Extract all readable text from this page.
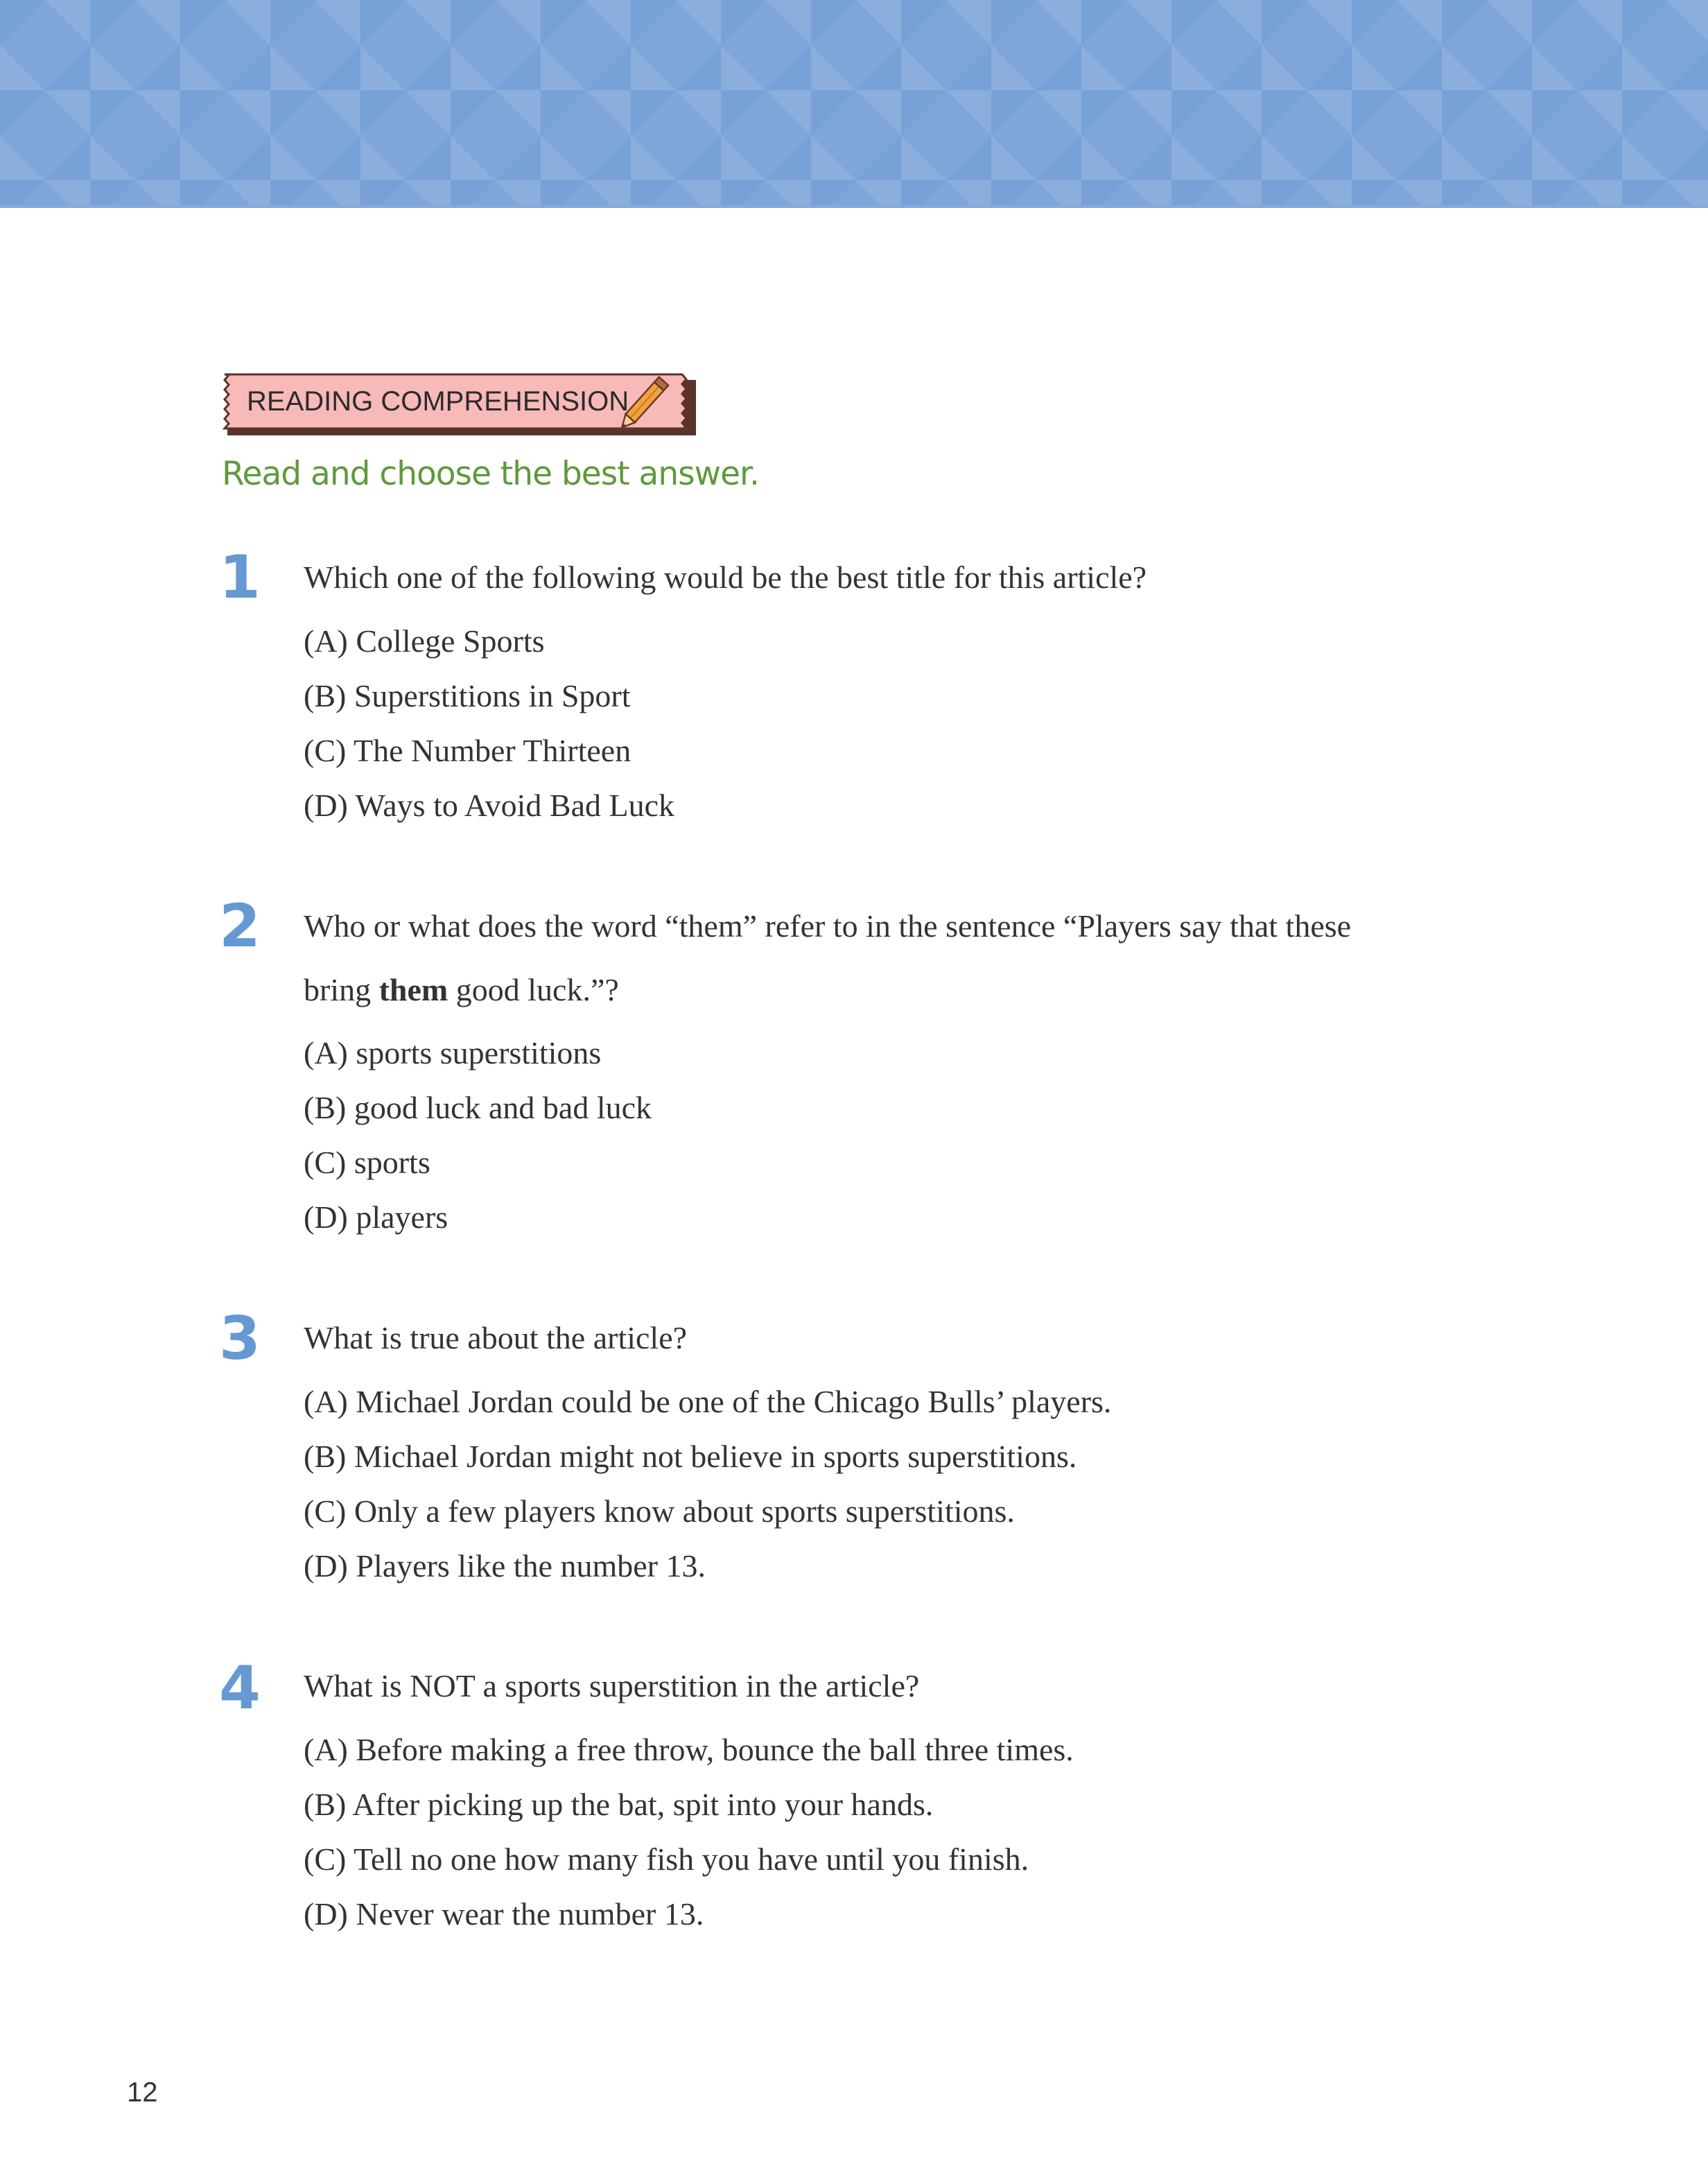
READING COMPREHENSION
Read and choose the best answer.
1 Which one of the following would be the best title for this article?
(A) College Sports
(B) Superstitions in Sport
(C) The Number Thirteen
(D) Ways to Avoid Bad Luck
2 Who or what does the word “them” refer to in the sentence “Players say that these
bring them good luck.”?
(A) sports superstitions
(B) good luck and bad luck
(C) sports
(D) players
3 What is true about the article?
(A) Michael Jordan could be one of the Chicago Bulls’ players.
(B) Michael Jordan might not believe in sports superstitions.
(C) Only a few players know about sports superstitions.
(D) Players like the number 13.
4 What is NOT a sports superstition in the article?
(A) Before making a free throw, bounce the ball three times.
(B) After picking up the bat, spit into your hands.
(C) Tell no one how many fish you have until you finish.
(D) Never wear the number 13.
12
